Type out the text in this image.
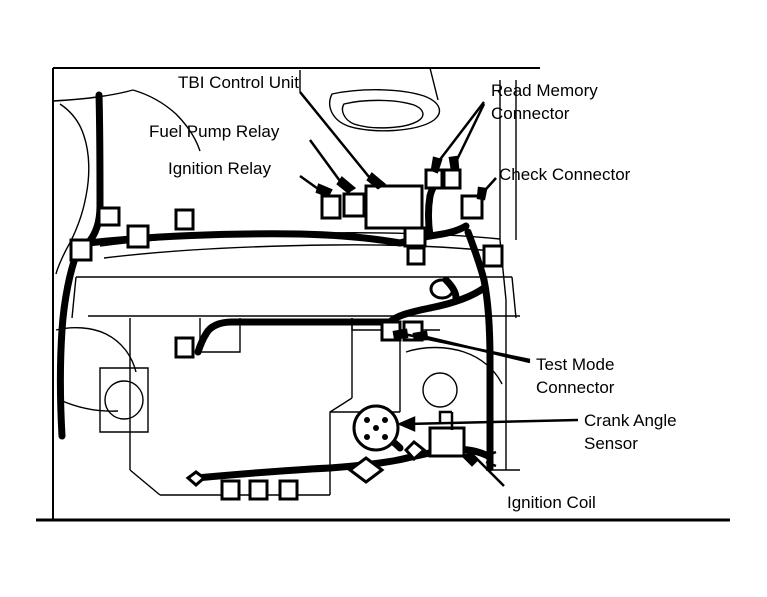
TBI Control Unit	Read Memory
Connector
Fuel Pump Relay
Check Connector
Ignition Relay
Test Mode
Connector
Crank Angle
Sensor
Ignition Coil
